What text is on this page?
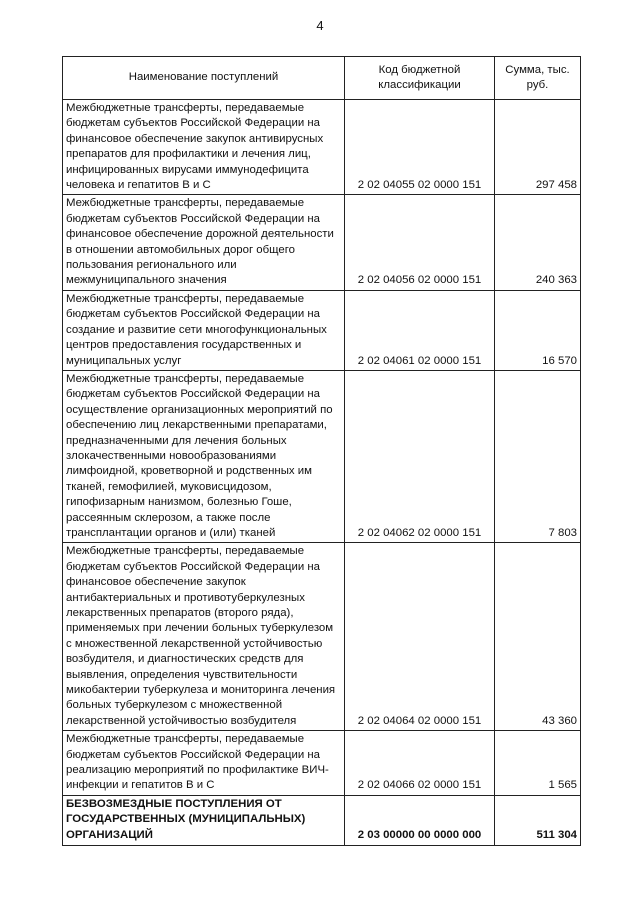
4
Наименование поступлений	Код бюджетной классификации	Сумма, тыс. руб.
Межбюджетные трансферты, передаваемые бюджетам субъектов Российской Федерации на финансовое обеспечение закупок антивирусных препаратов для профилактики и лечения лиц, инфицированных вирусами иммунодефицита человека и гепатитов B и C	2 02 04055 02 0000 151	297 458
Межбюджетные трансферты, передаваемые бюджетам субъектов Российской Федерации на финансовое обеспечение дорожной деятельности в отношении автомобильных дорог общего пользования регионального или межмуниципального значения	2 02 04056 02 0000 151	240 363
Межбюджетные трансферты, передаваемые бюджетам субъектов Российской Федерации на создание и развитие сети многофункциональных центров предоставления государственных и муниципальных услуг	2 02 04061 02 0000 151	16 570
Межбюджетные трансферты, передаваемые бюджетам субъектов Российской Федерации на осуществление организационных мероприятий по обеспечению лиц лекарственными препаратами, предназначенными для лечения больных злокачественными новообразованиями лимфоидной, кроветворной и родственных им тканей, гемофилией, муковисцидозом, гипофизарным нанизмом, болезнью Гоше, рассеянным склерозом, а также после трансплантации органов и (или) тканей	2 02 04062 02 0000 151	7 803
Межбюджетные трансферты, передаваемые бюджетам субъектов Российской Федерации на финансовое обеспечение закупок антибактериальных и противотуберкулезных лекарственных препаратов (второго ряда), применяемых при лечении больных туберкулезом с множественной лекарственной устойчивостью возбудителя, и диагностических средств для выявления, определения чувствительности микобактерии туберкулеза и мониторинга лечения больных туберкулезом с множественной лекарственной устойчивостью возбудителя	2 02 04064 02 0000 151	43 360
Межбюджетные трансферты, передаваемые бюджетам субъектов Российской Федерации на реализацию мероприятий по профилактике ВИЧ-инфекции и гепатитов B и C	2 02 04066 02 0000 151	1 565
БЕЗВОЗМЕЗДНЫЕ ПОСТУПЛЕНИЯ ОТ ГОСУДАРСТВЕННЫХ (МУНИЦИПАЛЬНЫХ) ОРГАНИЗАЦИЙ	2 03 00000 00 0000 000	511 304
